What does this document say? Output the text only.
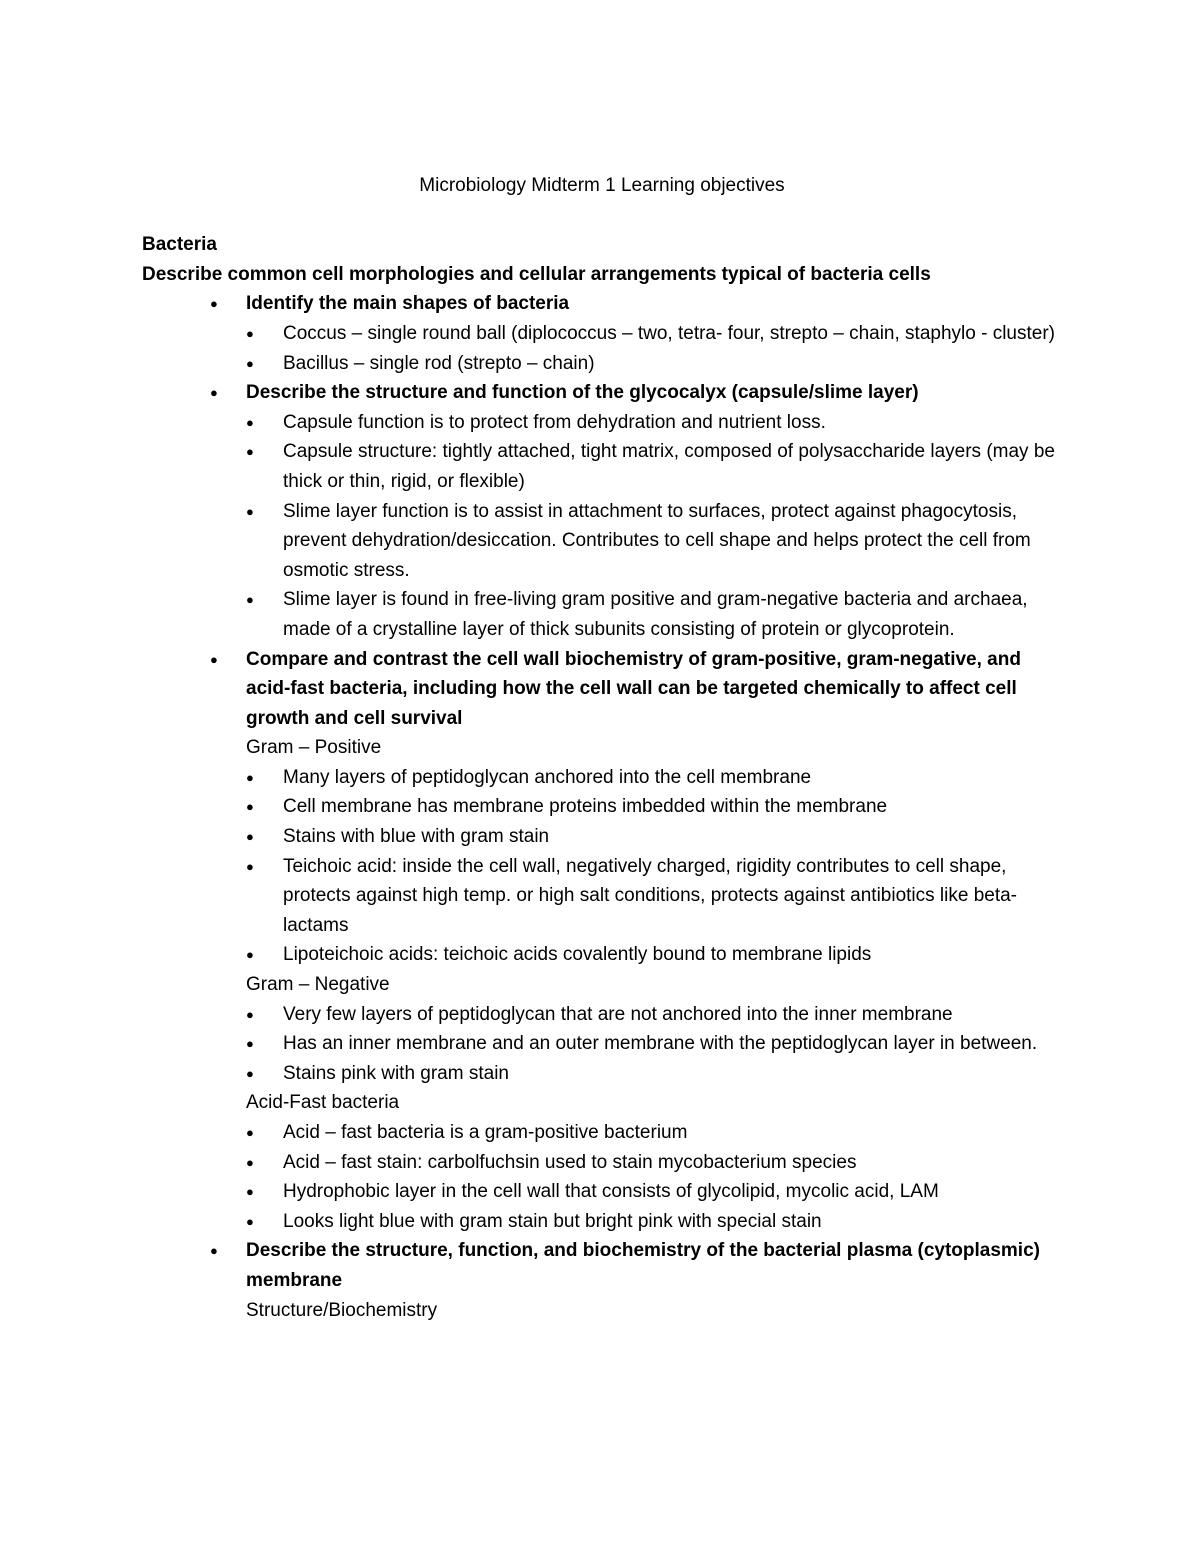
Microbiology Midterm 1 Learning objectives
Bacteria
Describe common cell morphologies and cellular arrangements typical of bacteria cells
●	Identify the main shapes of bacteria
●	Coccus – single round ball (diplococcus – two, tetra- four, strepto – chain, staphylo - cluster)
●	Bacillus – single rod (strepto – chain)
●	Describe the structure and function of the glycocalyx (capsule/slime layer)
●	Capsule function is to protect from dehydration and nutrient loss.
●	Capsule structure: tightly attached, tight matrix, composed of polysaccharide layers (may be thick or thin, rigid, or flexible)
●	Slime layer function is to assist in attachment to surfaces, protect against phagocytosis, prevent dehydration/desiccation. Contributes to cell shape and helps protect the cell from osmotic stress.
●	Slime layer is found in free-living gram positive and gram-negative bacteria and archaea, made of a crystalline layer of thick subunits consisting of protein or glycoprotein.
●	Compare and contrast the cell wall biochemistry of gram-positive, gram-negative, and acid-fast bacteria, including how the cell wall can be targeted chemically to affect cell growth and cell survival
Gram – Positive
●	Many layers of peptidoglycan anchored into the cell membrane
●	Cell membrane has membrane proteins imbedded within the membrane
●	Stains with blue with gram stain
●	Teichoic acid: inside the cell wall, negatively charged, rigidity contributes to cell shape, protects against high temp. or high salt conditions, protects against antibiotics like beta- lactams
●	Lipoteichoic acids: teichoic acids covalently bound to membrane lipids
Gram – Negative
●	Very few layers of peptidoglycan that are not anchored into the inner membrane
●	Has an inner membrane and an outer membrane with the peptidoglycan layer in between.
●	Stains pink with gram stain
Acid-Fast bacteria
●	Acid – fast bacteria is a gram-positive bacterium
●	Acid – fast stain: carbolfuchsin used to stain mycobacterium species
●	Hydrophobic layer in the cell wall that consists of glycolipid, mycolic acid, LAM
●	Looks light blue with gram stain but bright pink with special stain
●	Describe the structure, function, and biochemistry of the bacterial plasma (cytoplasmic) membrane
Structure/Biochemistry
